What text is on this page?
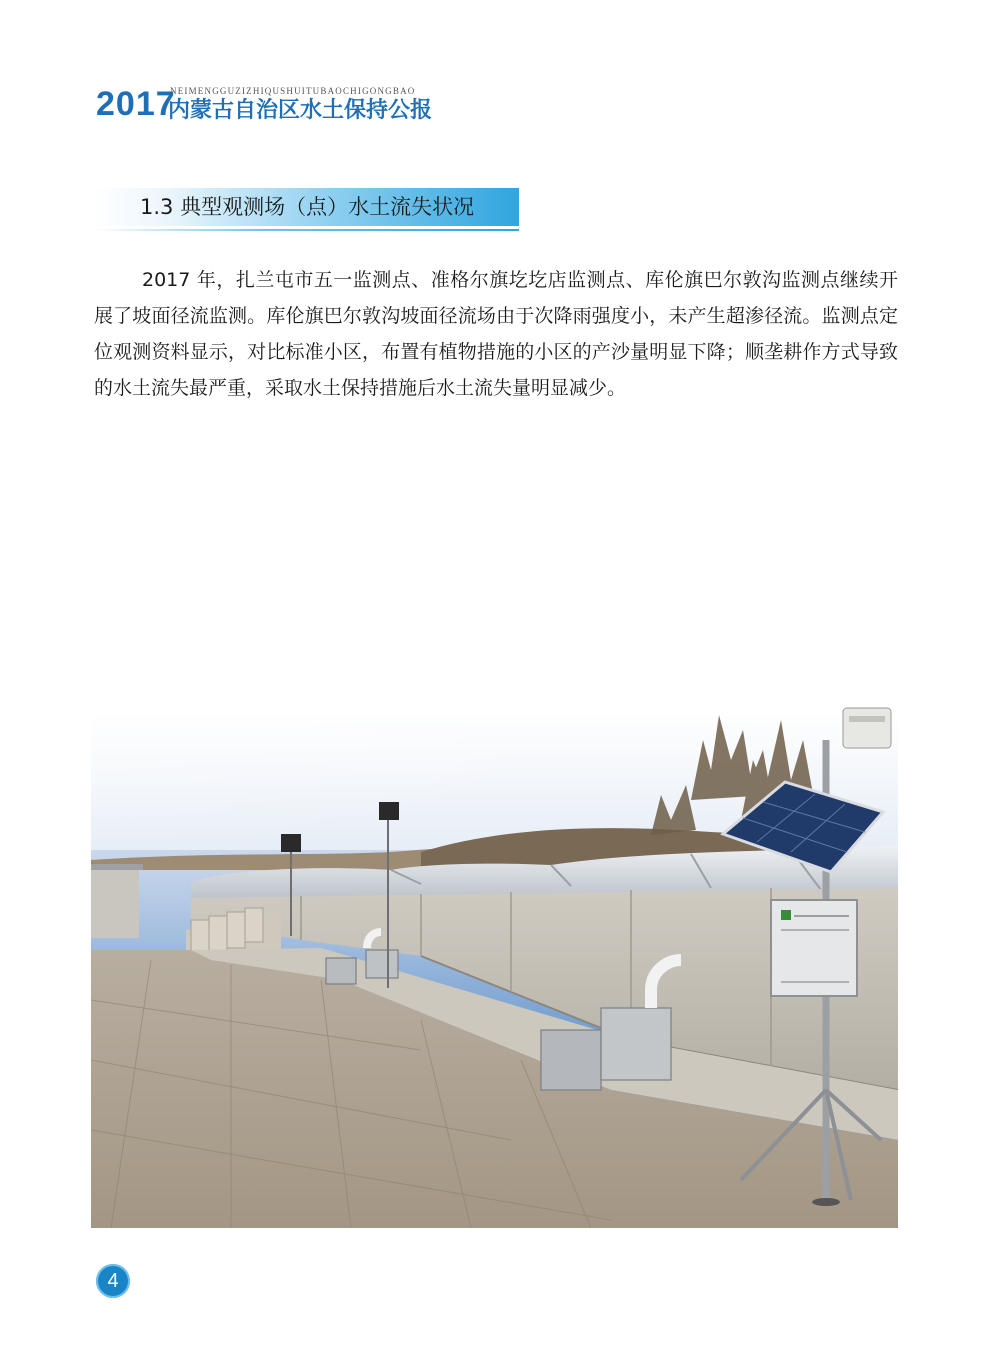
2017
NEIMENGGUZIZHIQUSHUITUBAOCHIGONGBAO
内蒙古自治区水土保持公报
1.3 典型观测场（点）水土流失状况

2017 年，扎兰屯市五一监测点、准格尔旗圪圪店监测点、库伦旗巴尔敦沟监测点继续开展了坡面径流监测。库伦旗巴尔敦沟坡面径流场由于次降雨强度小，未产生超渗径流。监测点定位观测资料显示，对比标准小区，布置有植物措施的小区的产沙量明显下降；顺垄耕作方式导致的水土流失最严重，采取水土保持措施后水土流失量明显减少。

4
